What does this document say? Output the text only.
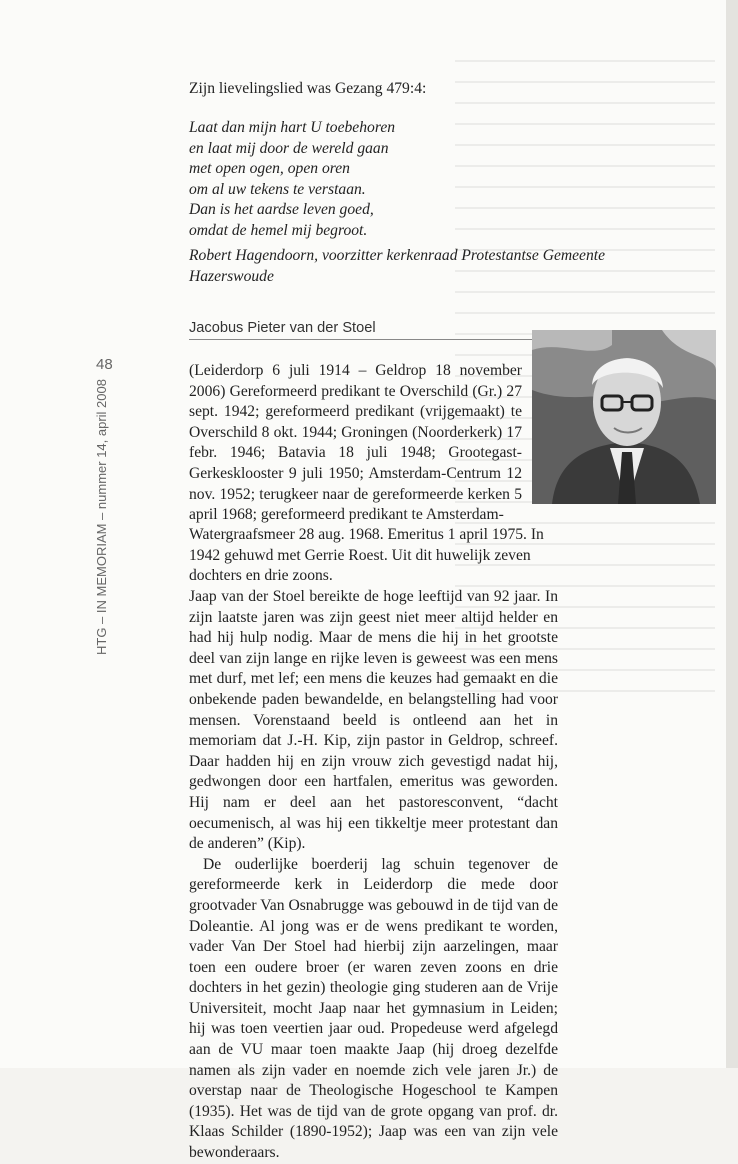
Zijn lievelingslied was Gezang 479:4:
Laat dan mijn hart U toebehoren
en laat mij door de wereld gaan
met open ogen, open oren
om al uw tekens te verstaan.
Dan is het aardse leven goed,
omdat de hemel mij begroot.
Robert Hagendoorn, voorzitter kerkenraad Protestantse Gemeente Hazerswoude
Jacobus Pieter van der Stoel
48
HTG – IN MEMORIAM – nummer 14, april 2008
(Leiderdorp 6 juli 1914 – Geldrop 18 november 2006) Gereformeerd predikant te Overschild (Gr.) 27 sept. 1942; gereformeerd predikant (vrijgemaakt) te Overschild 8 okt. 1944; Groningen (Noorderkerk) 17 febr. 1946; Batavia 18 juli 1948; Grootegast-Gerkesklooster 9 juli 1950; Amsterdam-Centrum 12 nov. 1952; terugkeer naar de gereformeerde kerken 5 april 1968; gereformeerd predikant te Amsterdam-
Watergraafsmeer 28 aug. 1968. Emeritus 1 april 1975. In 1942 gehuwd met Gerrie Roest. Uit dit huwelijk zeven dochters en drie zoons.

Jaap van der Stoel bereikte de hoge leeftijd van 92 jaar. In zijn laatste jaren was zijn geest niet meer altijd helder en had hij hulp nodig. Maar de mens die hij in het grootste deel van zijn lange en rijke leven is geweest was een mens met durf, met lef; een mens die keuzes had gemaakt en die onbekende paden bewandelde, en belangstelling had voor mensen. Vorenstaand beeld is ontleend aan het in memoriam dat J.-H. Kip, zijn pastor in Geldrop, schreef. Daar hadden hij en zijn vrouw zich gevestigd nadat hij, gedwongen door een hartfalen, emeritus was geworden. Hij nam er deel aan het pastoresconvent, “dacht oecumenisch, al was hij een tikkeltje meer protestant dan de anderen” (Kip).

De ouderlijke boerderij lag schuin tegenover de gereformeerde kerk in Leiderdorp die mede door grootvader Van Osnabrugge was gebouwd in de tijd van de Doleantie. Al jong was er de wens predikant te worden, vader Van Der Stoel had hierbij zijn aarzelingen, maar toen een oudere broer (er waren zeven zoons en drie dochters in het gezin) theologie ging studeren aan de Vrije Universiteit, mocht Jaap naar het gymnasium in Leiden; hij was toen veertien jaar oud. Propedeuse werd afgelegd aan de VU maar toen maakte Jaap (hij droeg dezelfde namen als zijn vader en noemde zich vele jaren Jr.) de overstap naar de Theologische Hogeschool te Kampen (1935). Het was de tijd van de grote opgang van prof. dr. Klaas Schilder (1890-1952); Jaap was een van zijn vele bewonderaars.
